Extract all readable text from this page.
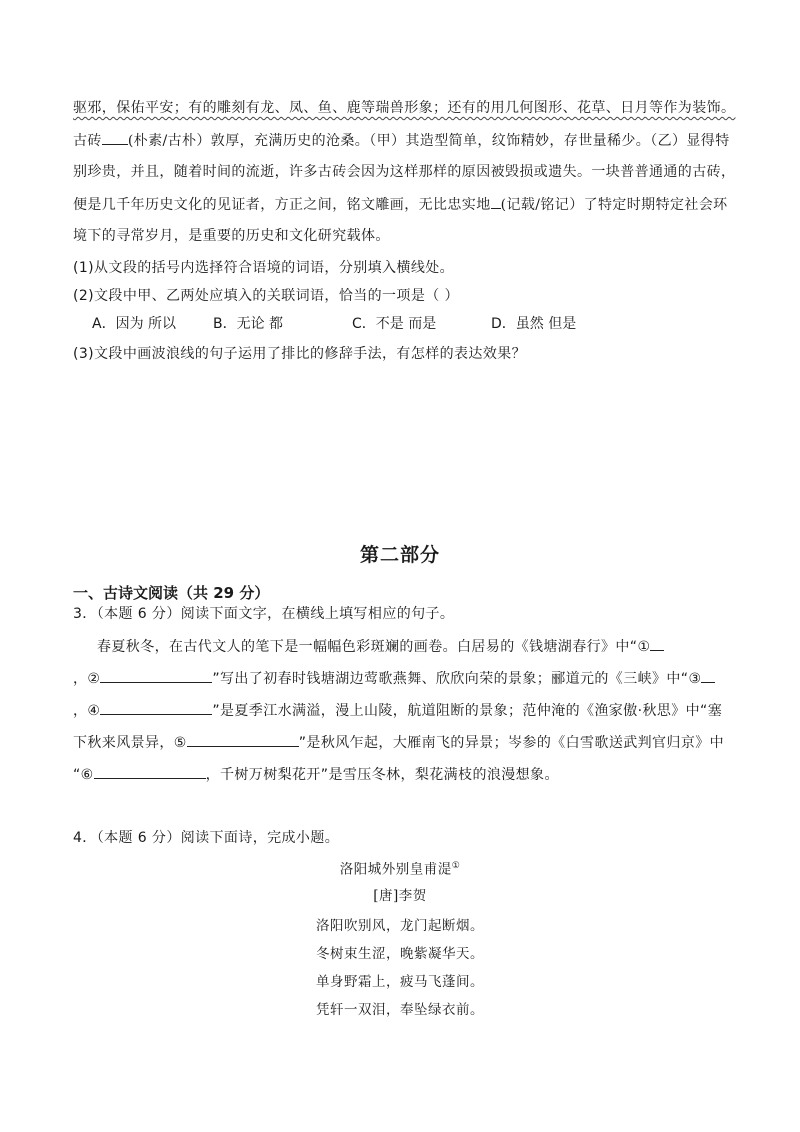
驱邪，保佑平安；有的雕刻有龙、凤、鱼、鹿等瑞兽形象；还有的用几何图形、花草、日月等作为装饰。
古砖 (朴素/古朴）敦厚，充满历史的沧桑。（甲）其造型简单，纹饰精妙，存世量稀少。（乙）显得特
别珍贵，并且，随着时间的流逝，许多古砖会因为这样那样的原因被毁损或遗失。一块普普通通的古砖，
便是几千年历史文化的见证者，方正之间，铭文雕画，无比忠实地 (记载/铭记）了特定时期特定社会环
境下的寻常岁月，是重要的历史和文化研究载体。
(1)从文段的括号内选择符合语境的词语，分别填入横线处。
(2)文段中甲、乙两处应填入的关联词语，恰当的一项是（ ）
A．因为 所以	B．无论 都	C．不是 而是	D．虽然 但是
(3)文段中画波浪线的句子运用了排比的修辞手法，有怎样的表达效果？
第二部分
一、古诗文阅读（共 29 分）
3．（本题 6 分）阅读下面文字，在横线上填写相应的句子。
春夏秋冬，在古代文人的笔下是一幅幅色彩斑斓的画卷。白居易的《钱塘湖春行》中“①
，②	”写出了初春时钱塘湖边莺歌燕舞、欣欣向荣的景象；郦道元的《三峡》中“③
，④	”是夏季江水满溢，漫上山陵，航道阻断的景象；范仲淹的《渔家傲·秋思》中“塞
下秋来风景异，⑤	”是秋风乍起，大雁南飞的异景；岑参的《白雪歌送武判官归京》中
“⑥	，千树万树梨花开”是雪压冬林，梨花满枝的浪漫想象。
4．（本题 6 分）阅读下面诗，完成小题。
洛阳城外别皇甫湜①
[唐]李贺
洛阳吹别风，龙门起断烟。
冬树束生涩，晚紫凝华天。
单身野霜上，疲马飞蓬间。
凭轩一双泪，奉坠绿衣前。
